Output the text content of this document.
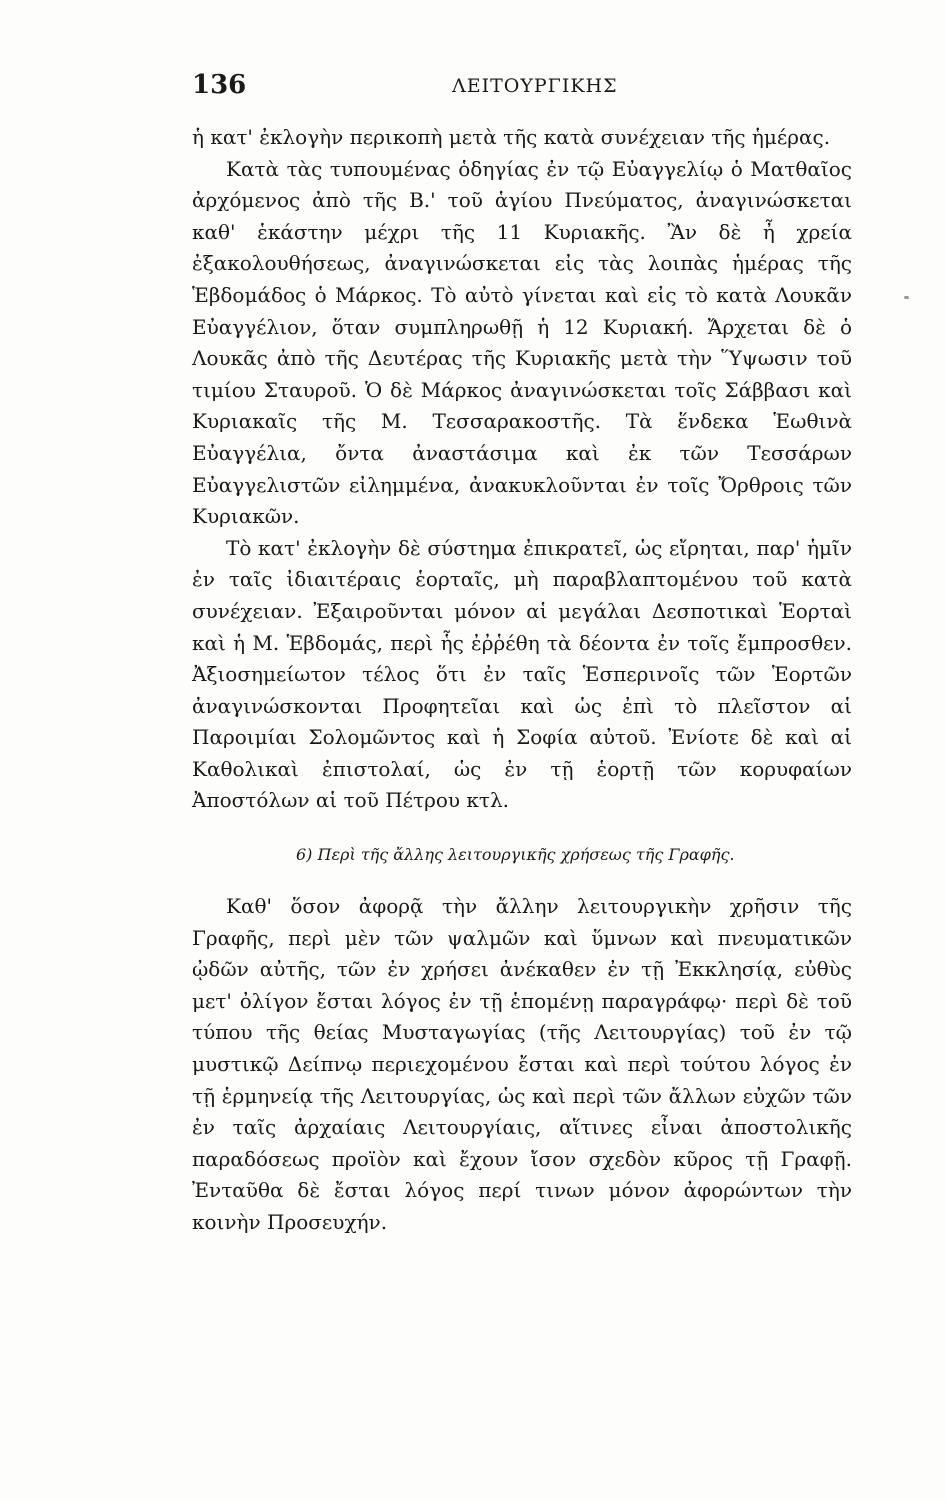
136	ΛΕΙΤΟΥΡΓΙΚΗΣ

ἡ κατ' ἐκλογὴν περικοπὴ μετὰ τῆς κατὰ συνέχειαν τῆς ἡμέρας.

Κατὰ τὰς τυπουμένας ὁδηγίας ἐν τῷ Εὐαγγελίῳ ὁ Ματθαῖος ἀρχόμενος ἀπὸ τῆς Β.' τοῦ ἁγίου Πνεύματος, ἀναγινώσκεται καθ' ἑκάστην μέχρι τῆς 11 Κυριακῆς. Ἂν δὲ ἦ χρεία ἐξακολουθήσεως, ἀναγινώσκεται εἰς τὰς λοιπὰς ἡμέρας τῆς Ἑβδομάδος ὁ Μάρκος. Τὸ αὐτὸ γίνεται καὶ εἰς τὸ κατὰ Λουκᾶν Εὐαγγέλιον, ὅταν συμπληρωθῇ ἡ 12 Κυριακή. Ἄρχεται δὲ ὁ Λουκᾶς ἀπὸ τῆς Δευτέρας τῆς Κυριακῆς μετὰ τὴν Ὕψωσιν τοῦ τιμίου Σταυροῦ. Ὁ δὲ Μάρκος ἀναγινώσκεται τοῖς Σάββασι καὶ Κυριακαῖς τῆς Μ. Τεσσαρακοστῆς. Τὰ ἕνδεκα Ἑωθινὰ Εὐαγγέλια, ὄντα ἀναστάσιμα καὶ ἐκ τῶν Τεσσάρων Εὐαγγελιστῶν εἰλημμένα, ἀνακυκλοῦνται ἐν τοῖς Ὄρθροις τῶν Κυριακῶν.

Τὸ κατ' ἐκλογὴν δὲ σύστημα ἐπικρατεῖ, ὡς εἴρηται, παρ' ἡμῖν ἐν ταῖς ἰδιαιτέραις ἑορταῖς, μὴ παραβλαπτομένου τοῦ κατὰ συνέχειαν. Ἐξαιροῦνται μόνον αἱ μεγάλαι Δεσποτικαὶ Ἑορταὶ καὶ ἡ Μ. Ἑβδομάς, περὶ ἧς ἐῤῥέθη τὰ δέοντα ἐν τοῖς ἔμπροσθεν. Ἀξιοσημείωτον τέλος ὅτι ἐν ταῖς Ἑσπερινοῖς τῶν Ἑορτῶν ἀναγινώσκονται Προφητεῖαι καὶ ὡς ἐπὶ τὸ πλεῖστον αἱ Παροιμίαι Σολομῶντος καὶ ἡ Σοφία αὐτοῦ. Ἐνίοτε δὲ καὶ αἱ Καθολικαὶ ἐπιστολαί, ὡς ἐν τῇ ἑορτῇ τῶν κορυφαίων Ἀποστόλων αἱ τοῦ Πέτρου κτλ.

6) Περὶ τῆς ἄλλης λειτουργικῆς χρήσεως τῆς Γραφῆς.

Καθ' ὅσον ἀφορᾷ τὴν ἄλλην λειτουργικὴν χρῆσιν τῆς Γραφῆς, περὶ μὲν τῶν ψαλμῶν καὶ ὕμνων καὶ πνευματικῶν ᾠδῶν αὐτῆς, τῶν ἐν χρήσει ἀνέκαθεν ἐν τῇ Ἐκκλησίᾳ, εὐθὺς μετ' ὀλίγον ἔσται λόγος ἐν τῇ ἑπομένῃ παραγράφῳ· περὶ δὲ τοῦ τύπου τῆς θείας Μυσταγωγίας (τῆς Λειτουργίας) τοῦ ἐν τῷ μυστικῷ Δείπνῳ περιεχομένου ἔσται καὶ περὶ τούτου λόγος ἐν τῇ ἑρμηνείᾳ τῆς Λειτουργίας, ὡς καὶ περὶ τῶν ἄλλων εὐχῶν τῶν ἐν ταῖς ἀρχαίαις Λειτουργίαις, αἵτινες εἶναι ἀποστολικῆς παραδόσεως προϊὸν καὶ ἔχουν ἴσον σχεδὸν κῦρος τῇ Γραφῇ. Ἐνταῦθα δὲ ἔσται λόγος περί τινων μόνον ἀφορώντων τὴν κοινὴν Προσευχήν.
